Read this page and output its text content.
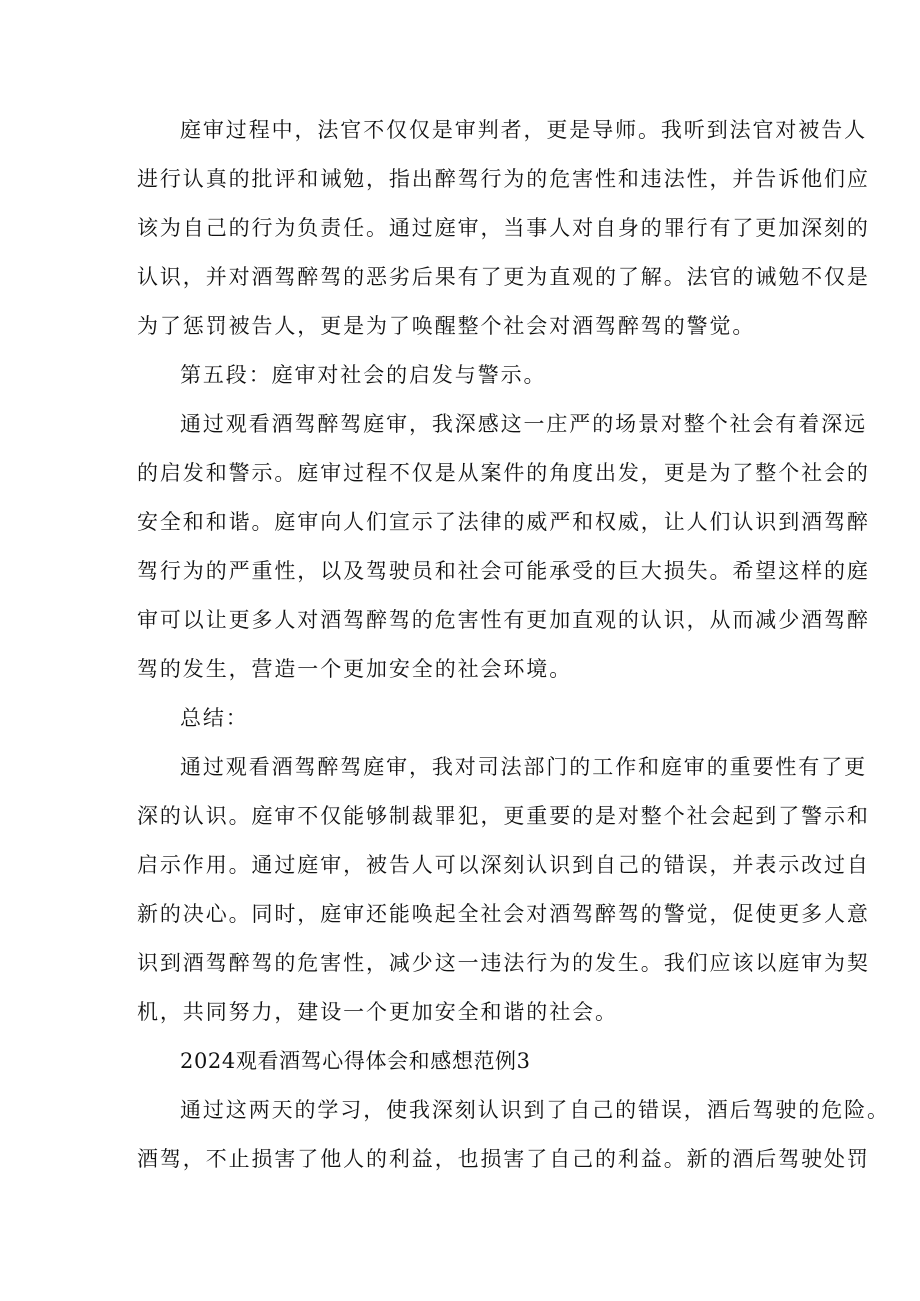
庭审过程中，法官不仅仅是审判者，更是导师。我听到法官对被告人
进行认真的批评和诫勉，指出醉驾行为的危害性和违法性，并告诉他们应
该为自己的行为负责任。通过庭审，当事人对自身的罪行有了更加深刻的
认识，并对酒驾醉驾的恶劣后果有了更为直观的了解。法官的诫勉不仅是
为了惩罚被告人，更是为了唤醒整个社会对酒驾醉驾的警觉。
第五段：庭审对社会的启发与警示。
通过观看酒驾醉驾庭审，我深感这一庄严的场景对整个社会有着深远
的启发和警示。庭审过程不仅是从案件的角度出发，更是为了整个社会的
安全和和谐。庭审向人们宣示了法律的威严和权威，让人们认识到酒驾醉
驾行为的严重性，以及驾驶员和社会可能承受的巨大损失。希望这样的庭
审可以让更多人对酒驾醉驾的危害性有更加直观的认识，从而减少酒驾醉
驾的发生，营造一个更加安全的社会环境。
总结：
通过观看酒驾醉驾庭审，我对司法部门的工作和庭审的重要性有了更
深的认识。庭审不仅能够制裁罪犯，更重要的是对整个社会起到了警示和
启示作用。通过庭审，被告人可以深刻认识到自己的错误，并表示改过自
新的决心。同时，庭审还能唤起全社会对酒驾醉驾的警觉，促使更多人意
识到酒驾醉驾的危害性，减少这一违法行为的发生。我们应该以庭审为契
机，共同努力，建设一个更加安全和谐的社会。
2024观看酒驾心得体会和感想范例3
通过这两天的学习，使我深刻认识到了自己的错误，酒后驾驶的危险。
酒驾，不止损害了他人的利益，也损害了自己的利益。新的酒后驾驶处罚
